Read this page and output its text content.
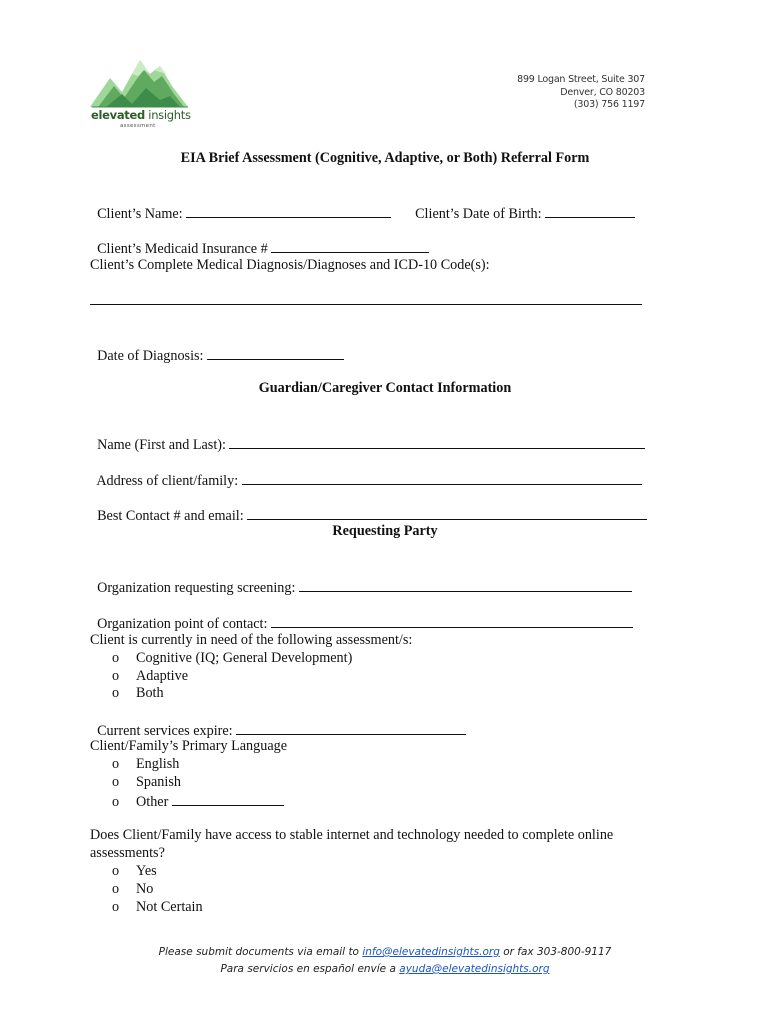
elevated insights
assessment
899 Logan Street, Suite 307
Denver, CO 80203
(303) 756 1197
EIA Brief Assessment (Cognitive, Adaptive, or Both) Referral Form

Client’s Name:	Client’s Date of Birth:

Client’s Medicaid Insurance #

Client’s Complete Medical Diagnosis/Diagnoses and ICD-10 Code(s):

Date of Diagnosis:

Guardian/Caregiver Contact Information

Name (First and Last):

Address of client/family:

Best Contact # and email:

Requesting Party

Organization requesting screening:

Organization point of contact:

Client is currently in need of the following assessment/s:
o Cognitive (IQ; General Development)
o Adaptive
o Both

Current services expire:

Client/Family’s Primary Language
o English
o Spanish
o Other
Does Client/Family have access to stable internet and technology needed to complete online
assessments?
o Yes
o No
o Not Certain
Please submit documents via email to info@elevatedinsights.org or fax 303-800-9117
Para servicios en español envíe a ayuda@elevatedinsights.org
